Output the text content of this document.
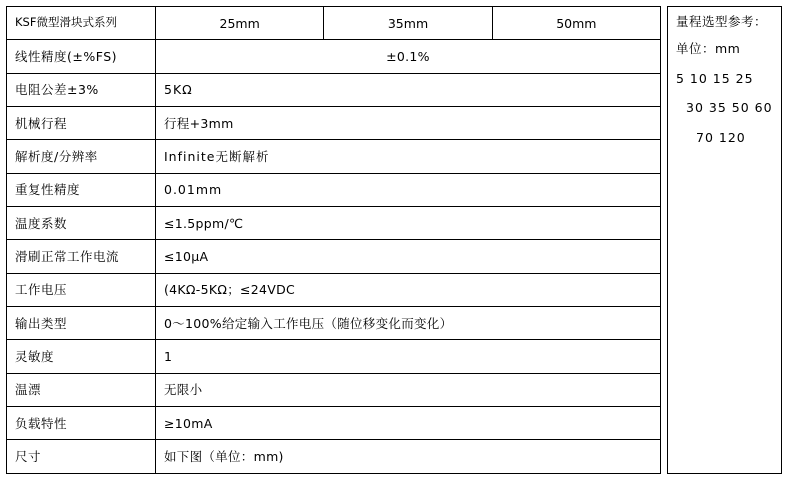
KSF微型滑块式系列	25mm	35mm	50mm
线性精度(±%FS)	±0.1%		
电阻公差±3%	5KΩ		
机械行程	行程+3mm		
解析度/分辨率	Infinite无断解析		
重复性精度	0.01mm		
温度系数	≤1.5ppm/℃		
滑刷正常工作电流	≤10μA		
工作电压	(4KΩ-5KΩ；≤24VDC		
输出类型	0～100%给定输入工作电压（随位移变化而变化）		
灵敏度	1		
温漂	无限小		
负载特性	≥10mA		
尺寸	如下图（单位：mm)		
量程选型参考：
单位：mm
5 10 15 25
30 35 50 60
70 120
